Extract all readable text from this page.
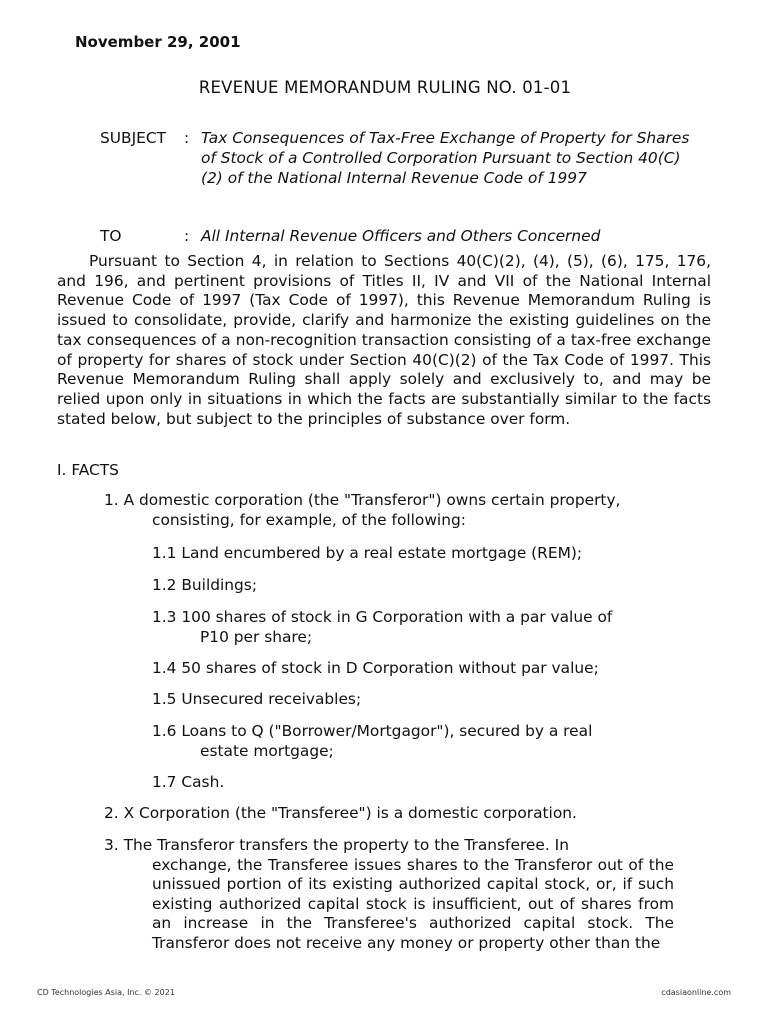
November 29, 2001
REVENUE MEMORANDUM RULING NO. 01-01
SUBJECT : Tax Consequences of Tax-Free Exchange of Property for Shares of Stock of a Controlled Corporation Pursuant to Section 40(C)(2) of the National Internal Revenue Code of 1997
TO	: All Internal Revenue Officers and Others Concerned

Pursuant to Section 4, in relation to Sections 40(C)(2), (4), (5), (6), 175, 176, and 196, and pertinent provisions of Titles II, IV and VII of the National Internal Revenue Code of 1997 (Tax Code of 1997), this Revenue Memorandum Ruling is issued to consolidate, provide, clarify and harmonize the existing guidelines on the tax consequences of a non-recognition transaction consisting of a tax-free exchange of property for shares of stock under Section 40(C)(2) of the Tax Code of 1997. This Revenue Memorandum Ruling shall apply solely and exclusively to, and may be relied upon only in situations in which the facts are substantially similar to the facts stated below, but subject to the principles of substance over form.

I. FACTS

1. A domestic corporation (the "Transferor") owns certain property,
consisting, for example, of the following:

1.1 Land encumbered by a real estate mortgage (REM);

1.2 Buildings;

1.3 100 shares of stock in G Corporation with a par value of
P10 per share;

1.4 50 shares of stock in D Corporation without par value;

1.5 Unsecured receivables;

1.6 Loans to Q ("Borrower/Mortgagor"), secured by a real
estate mortgage;

1.7 Cash.

2. X Corporation (the "Transferee") is a domestic corporation.

3. The Transferor transfers the property to the Transferee. In
exchange, the Transferee issues shares to the Transferor out of the unissued portion of its existing authorized capital stock, or, if such existing authorized capital stock is insufficient, out of shares from an increase in the Transferee's authorized capital stock. The Transferor does not receive any money or property other than the

CD Technologies Asia, Inc. © 2021	cdasiaonline.com
